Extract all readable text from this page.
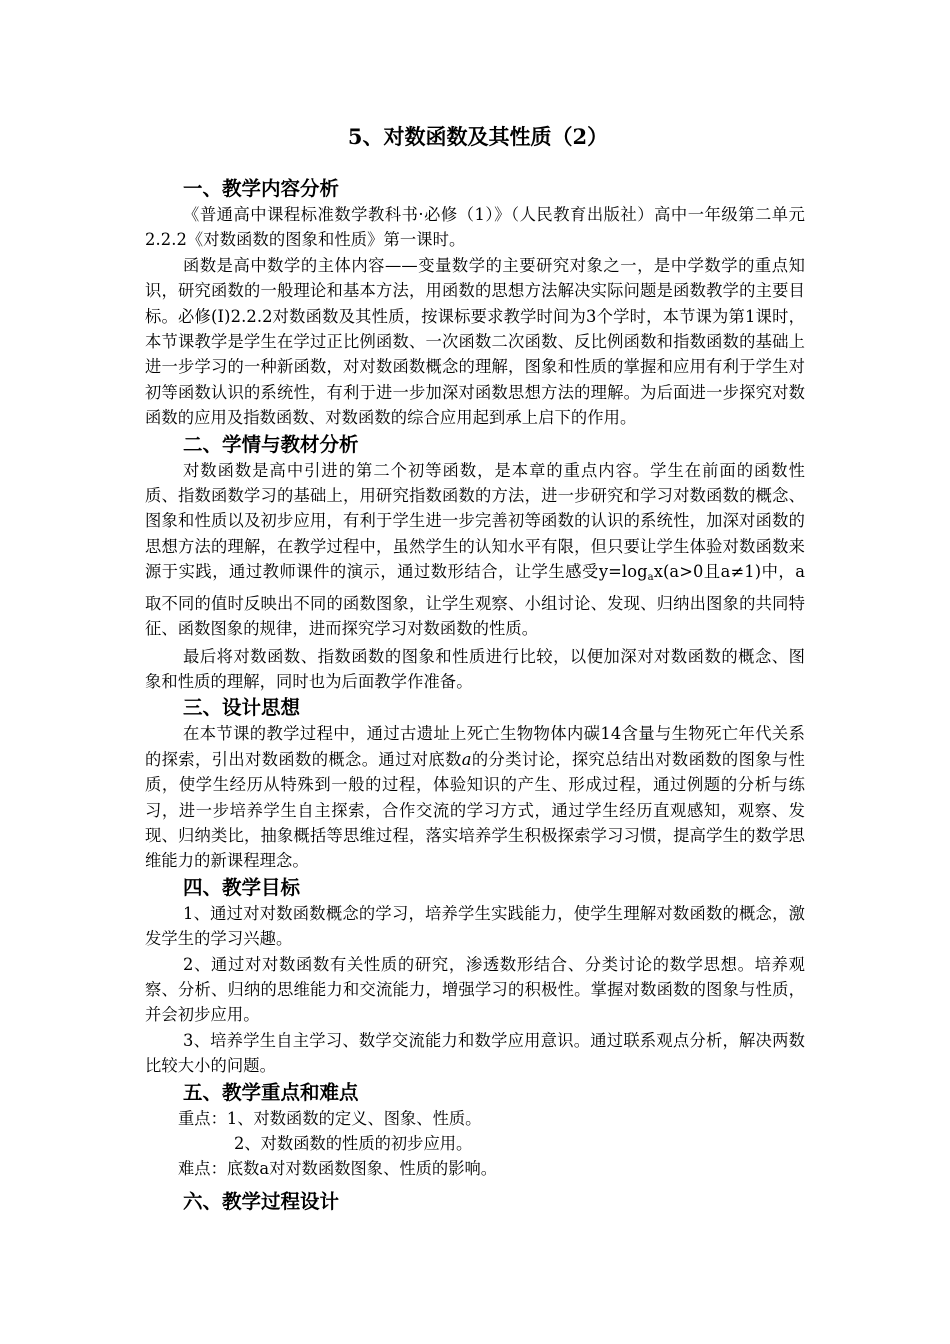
5、对数函数及其性质（2）
一、教学内容分析

《普通高中课程标准数学教科书·必修（1）》（人民教育出版社）高中一年级第二单元2.2.2《对数函数的图象和性质》第一课时。

函数是高中数学的主体内容——变量数学的主要研究对象之一，是中学数学的重点知识，研究函数的一般理论和基本方法，用函数的思想方法解决实际问题是函数教学的主要目标。必修(Ⅰ)2.2.2对数函数及其性质，按课标要求教学时间为3个学时，本节课为第1课时，本节课教学是学生在学过正比例函数、一次函数二次函数、反比例函数和指数函数的基础上进一步学习的一种新函数，对对数函数概念的理解，图象和性质的掌握和应用有利于学生对初等函数认识的系统性，有利于进一步加深对函数思想方法的理解。为后面进一步探究对数函数的应用及指数函数、对数函数的综合应用起到承上启下的作用。

二、学情与教材分析

对数函数是高中引进的第二个初等函数，是本章的重点内容。学生在前面的函数性质、指数函数学习的基础上，用研究指数函数的方法，进一步研究和学习对数函数的概念、图象和性质以及初步应用，有利于学生进一步完善初等函数的认识的系统性，加深对函数的思想方法的理解，在教学过程中，虽然学生的认知水平有限，但只要让学生体验对数函数来源于实践，通过教师课件的演示，通过数形结合，让学生感受$y=\log_ax(a>0$且a≠1)中，a取不同的值时反映出不同的函数图象，让学生观察、小组讨论、发现、归纳出图象的共同特征、函数图象的规律，进而探究学习对数函数的性质。

最后将对数函数、指数函数的图象和性质进行比较，以便加深对对数函数的概念、图象和性质的理解，同时也为后面教学作准备。

三、设计思想

在本节课的教学过程中，通过古遗址上死亡生物物体内碳14含量与生物死亡年代关系的探索，引出对数函数的概念。通过对底数a的分类讨论，探究总结出对数函数的图象与性质，使学生经历从特殊到一般的过程，体验知识的产生、形成过程，通过例题的分析与练习，进一步培养学生自主探索，合作交流的学习方式，通过学生经历直观感知，观察、发现、归纳类比，抽象概括等思维过程，落实培养学生积极探索学习习惯，提高学生的数学思维能力的新课程理念。

四、教学目标

1、通过对对数函数概念的学习，培养学生实践能力，使学生理解对数函数的概念，激发学生的学习兴趣。

2、通过对对数函数有关性质的研究，渗透数形结合、分类讨论的数学思想。培养观察、分析、归纳的思维能力和交流能力，增强学习的积极性。掌握对数函数的图象与性质，并会初步应用。

3、培养学生自主学习、数学交流能力和数学应用意识。通过联系观点分析，解决两数比较大小的问题。

五、教学重点和难点
重点：1、对数函数的定义、图象、性质。
2、对数函数的性质的初步应用。
难点：底数a对对数函数图象、性质的影响。
六、教学过程设计
